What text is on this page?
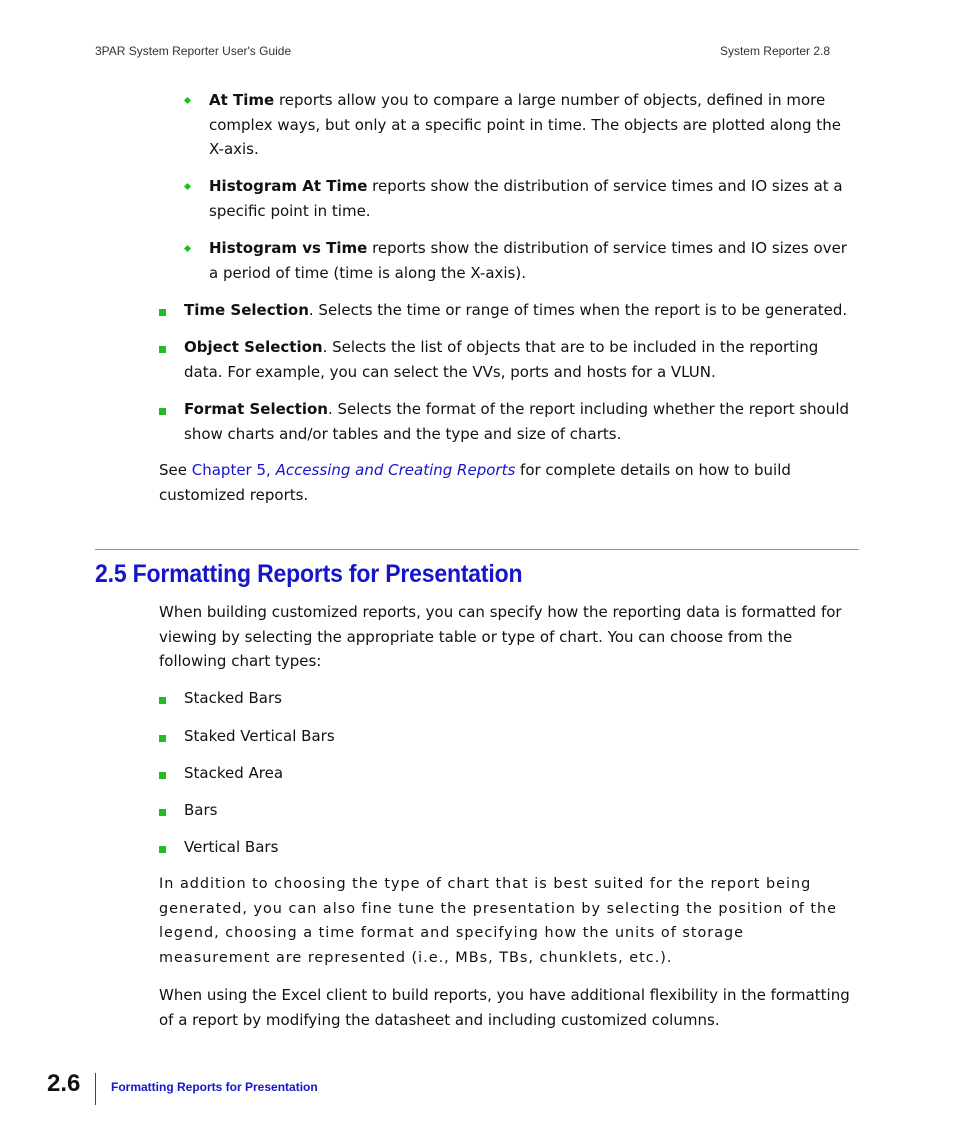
3PAR System Reporter User's Guide	System Reporter 2.8
At Time reports allow you to compare a large number of objects, defined in more complex ways, but only at a specific point in time. The objects are plotted along the X-axis.
Histogram At Time reports show the distribution of service times and IO sizes at a specific point in time.
Histogram vs Time reports show the distribution of service times and IO sizes over a period of time (time is along the X-axis).
Time Selection. Selects the time or range of times when the report is to be generated.
Object Selection. Selects the list of objects that are to be included in the reporting data. For example, you can select the VVs, ports and hosts for a VLUN.
Format Selection. Selects the format of the report including whether the report should show charts and/or tables and the type and size of charts.
See Chapter 5, Accessing and Creating Reports for complete details on how to build customized reports.
2.5 Formatting Reports for Presentation
When building customized reports, you can specify how the reporting data is formatted for viewing by selecting the appropriate table or type of chart. You can choose from the following chart types:
Stacked Bars
Staked Vertical Bars
Stacked Area
Bars
Vertical Bars
In addition to choosing the type of chart that is best suited for the report being generated, you can also fine tune the presentation by selecting the position of the legend, choosing a time format and specifying how the units of storage measurement are represented (i.e., MBs, TBs, chunklets, etc.).
When using the Excel client to build reports, you have additional flexibility in the formatting of a report by modifying the datasheet and including customized columns.
2.6	Formatting Reports for Presentation
